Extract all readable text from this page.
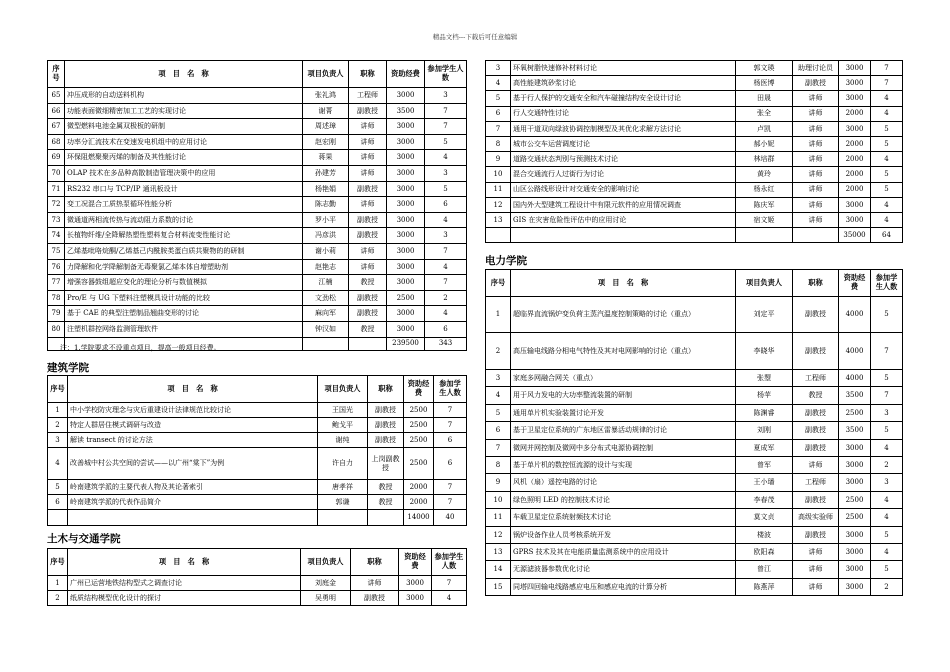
精品文档---下载后可任意编辑
序号	项　目　名　称	项目负责人	职称	资助经费	参加学生人数
65	冲压成形的自动送料机构	张礼鸿	工程师	3000	3
66	功能表面微细精密加工工艺的实现讨论	谢菁	副教授	3500	7
67	微型燃料电池金属双极板的研制	周述璋	讲师	3000	7
68	功率分汇流技术在变速发电机组中的应用讨论	赵宏刚	讲师	3000	5
69	环保阻燃聚聚丙烯的制备及其性能讨论	蒋果	讲师	3000	4
70	OLAP 技术在多品种高散制造管理决策中的应用	孙建芳	讲师	3000	3
71	RS232 串口与 TCP/IP 通讯板设计	杨艳娟	副教授	3000	5
72	变工况混合工质热泵循环性能分析	陈志勤	讲师	3000	6
73	微通道两相流传热与流动阻力系数的讨论	罗小平	副教授	3000	4
74	长植物纤维/全降解热塑性塑料复合材料流变性能讨论	冯彦洪	副教授	3000	3
75	乙烯基吡咯烷酮/乙烯基己内酰胺类蛋白质共聚物的的研制	谢小莉	讲师	3000	7
76	力降解和化学降解制备无毒聚氯乙烯本体自增塑助剂	赵艳志	讲师	3000	4
77	增强容器鼓组超应变化的理论分析与数值模拟	江楠	教授	3000	7
78	Pro/E 与 UG 下塑料注塑模具设计功能的比较	文劲松	副教授	2500	2
79	基于 CAE 的典型注塑制品翘曲变形的讨论	麻向军	副教授	3000	4
80	注塑机群控网络监测管理软件	钟汉如	教授	3000	6
				239500	343
注：1.学院要求不设重点项目，提高一般项目经费。
建筑学院
序号	项　目　名　称	项目负责人	职称	资助经费	参加学生人数
1	中小学校防灾理念与灾后重建设计法律规范比较讨论	王国光	副教授	2500	7
2	特定人群居住模式调研与改造	鲍戈平	副教授	2500	7
3	解读 transect 的讨论方法	谢纯	副教授	2500	6
4	改善城中村公共空间的尝试——以广州“棠下”为例	许自力	上岗副教授	2500	6
5	岭南建筑学派的主要代表人物及其论著索引	唐孝祥	教授	2000	7
6	岭南建筑学派的代表作品简介	郭谦	教授	2000	7
				14000	40
土木与交通学院
序号	项　目　名　称	项目负责人	职称	资助经费	参加学生人数
1	广州已运营地铁结构型式之调查讨论	刘庭金	讲师	3000	7
2	纸质结构模型优化设计的探讨	吴勇明	副教授	3000	4
3	环氧树脂快速修补材料讨论	郭文瑛	助理讨论员	3000	7
4	高性能建筑砂浆讨论	杨医博	副教授	3000	7
5	基于行人保护的交通安全和汽车碰撞结构安全设计讨论	田晟	讲师	3000	4
6	行人交通特性讨论	张全	讲师	2000	4
7	通用干道双向绿波协调控制模型及其优化求解方法讨论	卢凯	讲师	3000	5
8	城市公交车运营调度讨论	郝小妮	讲师	2000	5
9	道路交通状态判别与预测技术讨论	林培群	讲师	2000	4
10	混合交通流行人过街行为讨论	黄玲	讲师	2000	5
11	山区公路线形设计对交通安全的影响讨论	杨永红	讲师	2000	5
12	国内外大型建筑工程设计中有限元软件的应用情况调查	陈庆军	讲师	3000	4
13	GIS 在灾害危险性评估中的应用讨论	宿文姬	讲师	3000	4
				35000	64
电力学院
序号	项　目　名　称	项目负责人	职称	资助经费	参加学生人数
1	超临界直流锅炉变负荷主蒸汽温度控制策略的讨论（重点）	刘定平	副教授	4000	5
2	高压输电线路分相电气特性及其对电网影响的讨论（重点）	李晓华	副教授	4000	7
3	家庭多网融合网关（重点）	张曌	工程师	4000	5
4	用于风力发电的大功率整流装置的研制	杨苹	教授	3500	7
5	通用单片机实验装置讨论开发	陈渊睿	副教授	2500	3
6	基于卫星定位系统的广东地区雷暴活动规律的讨论	刘刚	副教授	3500	5
7	微网并网控制及微网中多分布式电源协调控制	夏成军	副教授	3000	4
8	基于单片机的数控恒流源的设计与实现	曾军	讲师	3000	2
9	风机（扇）遥控电路的讨论	王小璠	工程师	3000	3
10	绿色照明 LED 的控制技术讨论	李春茂	副教授	2500	4
11	车载卫星定位系统射频技术讨论	莫文贞	高级实验师	2500	4
12	锅炉设备作业人员考核系统开发	楼波	副教授	3000	5
13	GPRS 技术及其在电能质量监测系统中的应用设计	欧阳森	讲师	3000	4
14	无源滤波器参数优化讨论	曾江	讲师	3000	5
15	同塔四回输电线路感应电压和感应电流的计算分析	陈燕萍	讲师	3000	2
